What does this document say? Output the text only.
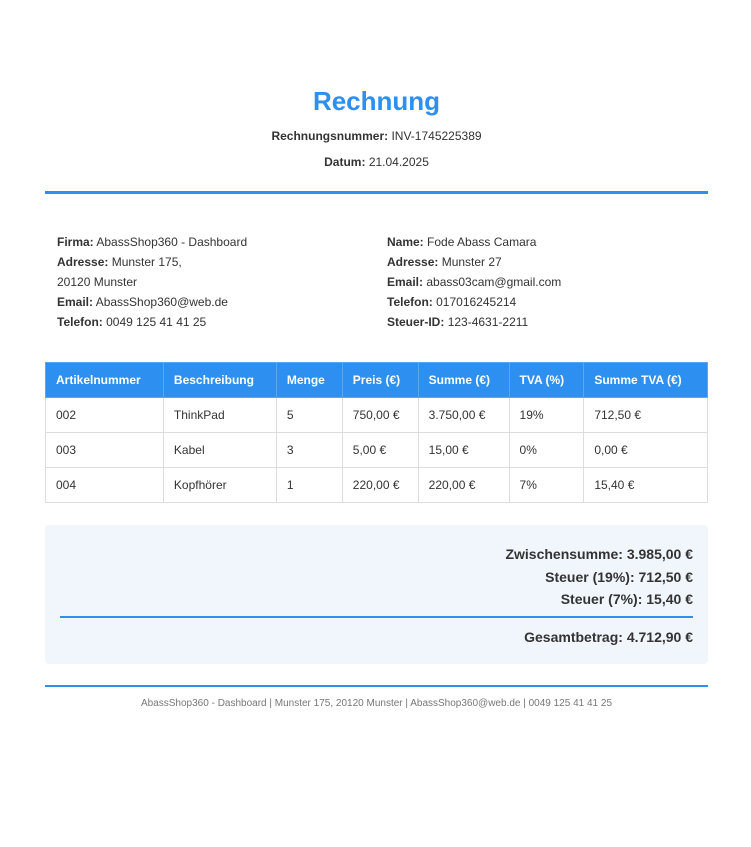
Rechnung
Rechnungsnummer: INV-1745225389
Datum: 21.04.2025
Firma: AbassShop360 - Dashboard
Adresse: Munster 175,
20120 Munster
Email: AbassShop360@web.de
Telefon: 0049 125 41 41 25
Name: Fode Abass Camara
Adresse: Munster 27
Email: abass03cam@gmail.com
Telefon: 017016245214
Steuer-ID: 123-4631-2211
Artikelnummer	Beschreibung	Menge	Preis (€)	Summe (€)	TVA (%)	Summe TVA (€)
002	ThinkPad	5	750,00 €	3.750,00 €	19%	712,50 €
003	Kabel	3	5,00 €	15,00 €	0%	0,00 €
004	Kopfhörer	1	220,00 €	220,00 €	7%	15,40 €
Zwischensumme: 3.985,00 €
Steuer (19%): 712,50 €
Steuer (7%): 15,40 €
Gesamtbetrag: 4.712,90 €
AbassShop360 - Dashboard | Munster 175, 20120 Munster | AbassShop360@web.de | 0049 125 41 41 25
